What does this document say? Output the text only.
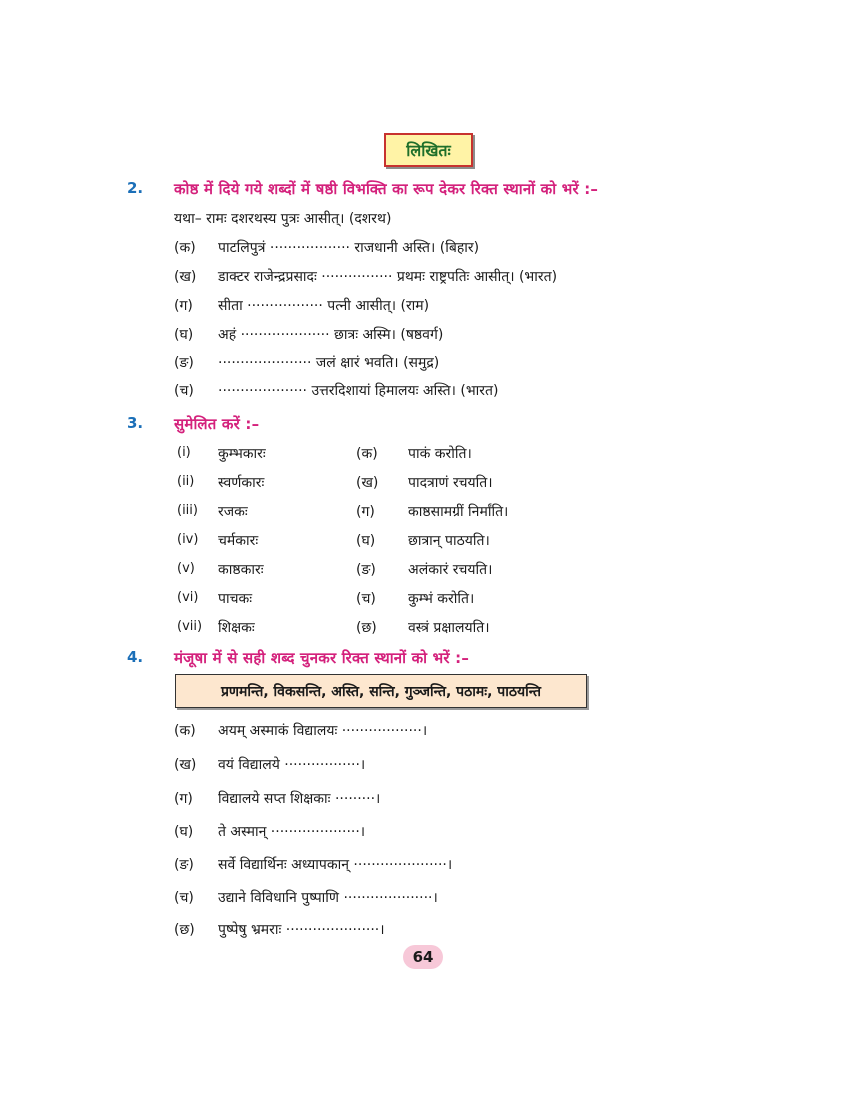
लिखितः
2. कोष्ठ में दिये गये शब्दों में षष्ठी विभक्ति का रूप देकर रिक्त स्थानों को भरें :–
यथा– रामः दशरथस्य पुत्रः आसीत्। (दशरथ)
(क) पाटलिपुत्रं ·················· राजधानी अस्ति। (बिहार)
(ख) डाक्टर राजेन्द्रप्रसादः ················ प्रथमः राष्ट्रपतिः आसीत्। (भारत)
(ग) सीता ················· पत्नी आसीत्। (राम)
(घ) अहं ···················· छात्रः अस्मि। (षष्ठवर्ग)
(ङ) ····················· जलं क्षारं भवति। (समुद्र)
(च) ···················· उत्तरदिशायां हिमालयः अस्ति। (भारत)
3. सुमेलित करें :–
(i) कुम्भकारः	(क) पाकं करोति।
(ii) स्वर्णकारः	(ख) पादत्राणं रचयति।
(iii) रजकः	(ग) काष्ठसामग्रीं निर्मांति।
(iv) चर्मकारः	(घ) छात्रान् पाठयति।
(v) काष्ठकारः	(ङ) अलंकारं रचयति।
(vi) पाचकः	(च) कुम्भं करोति।
(vii) शिक्षकः	(छ) वस्त्रं प्रक्षालयति।
4. मंजूषा में से सही शब्द चुनकर रिक्त स्थानों को भरें :–
प्रणमन्ति, विकसन्ति, अस्ति, सन्ति, गुञ्जन्ति, पठामः, पाठयन्ति
(क) अयम् अस्माकं विद्यालयः ··················।
(ख) वयं विद्यालये ·················।
(ग) विद्यालये सप्त शिक्षकाः ·········।
(घ) ते अस्मान् ····················।
(ङ) सर्वे विद्यार्थिनः अध्यापकान् ·····················।
(च) उद्याने विविधानि पुष्पाणि ····················।
(छ) पुष्पेषु भ्रमराः ·····················।
64
